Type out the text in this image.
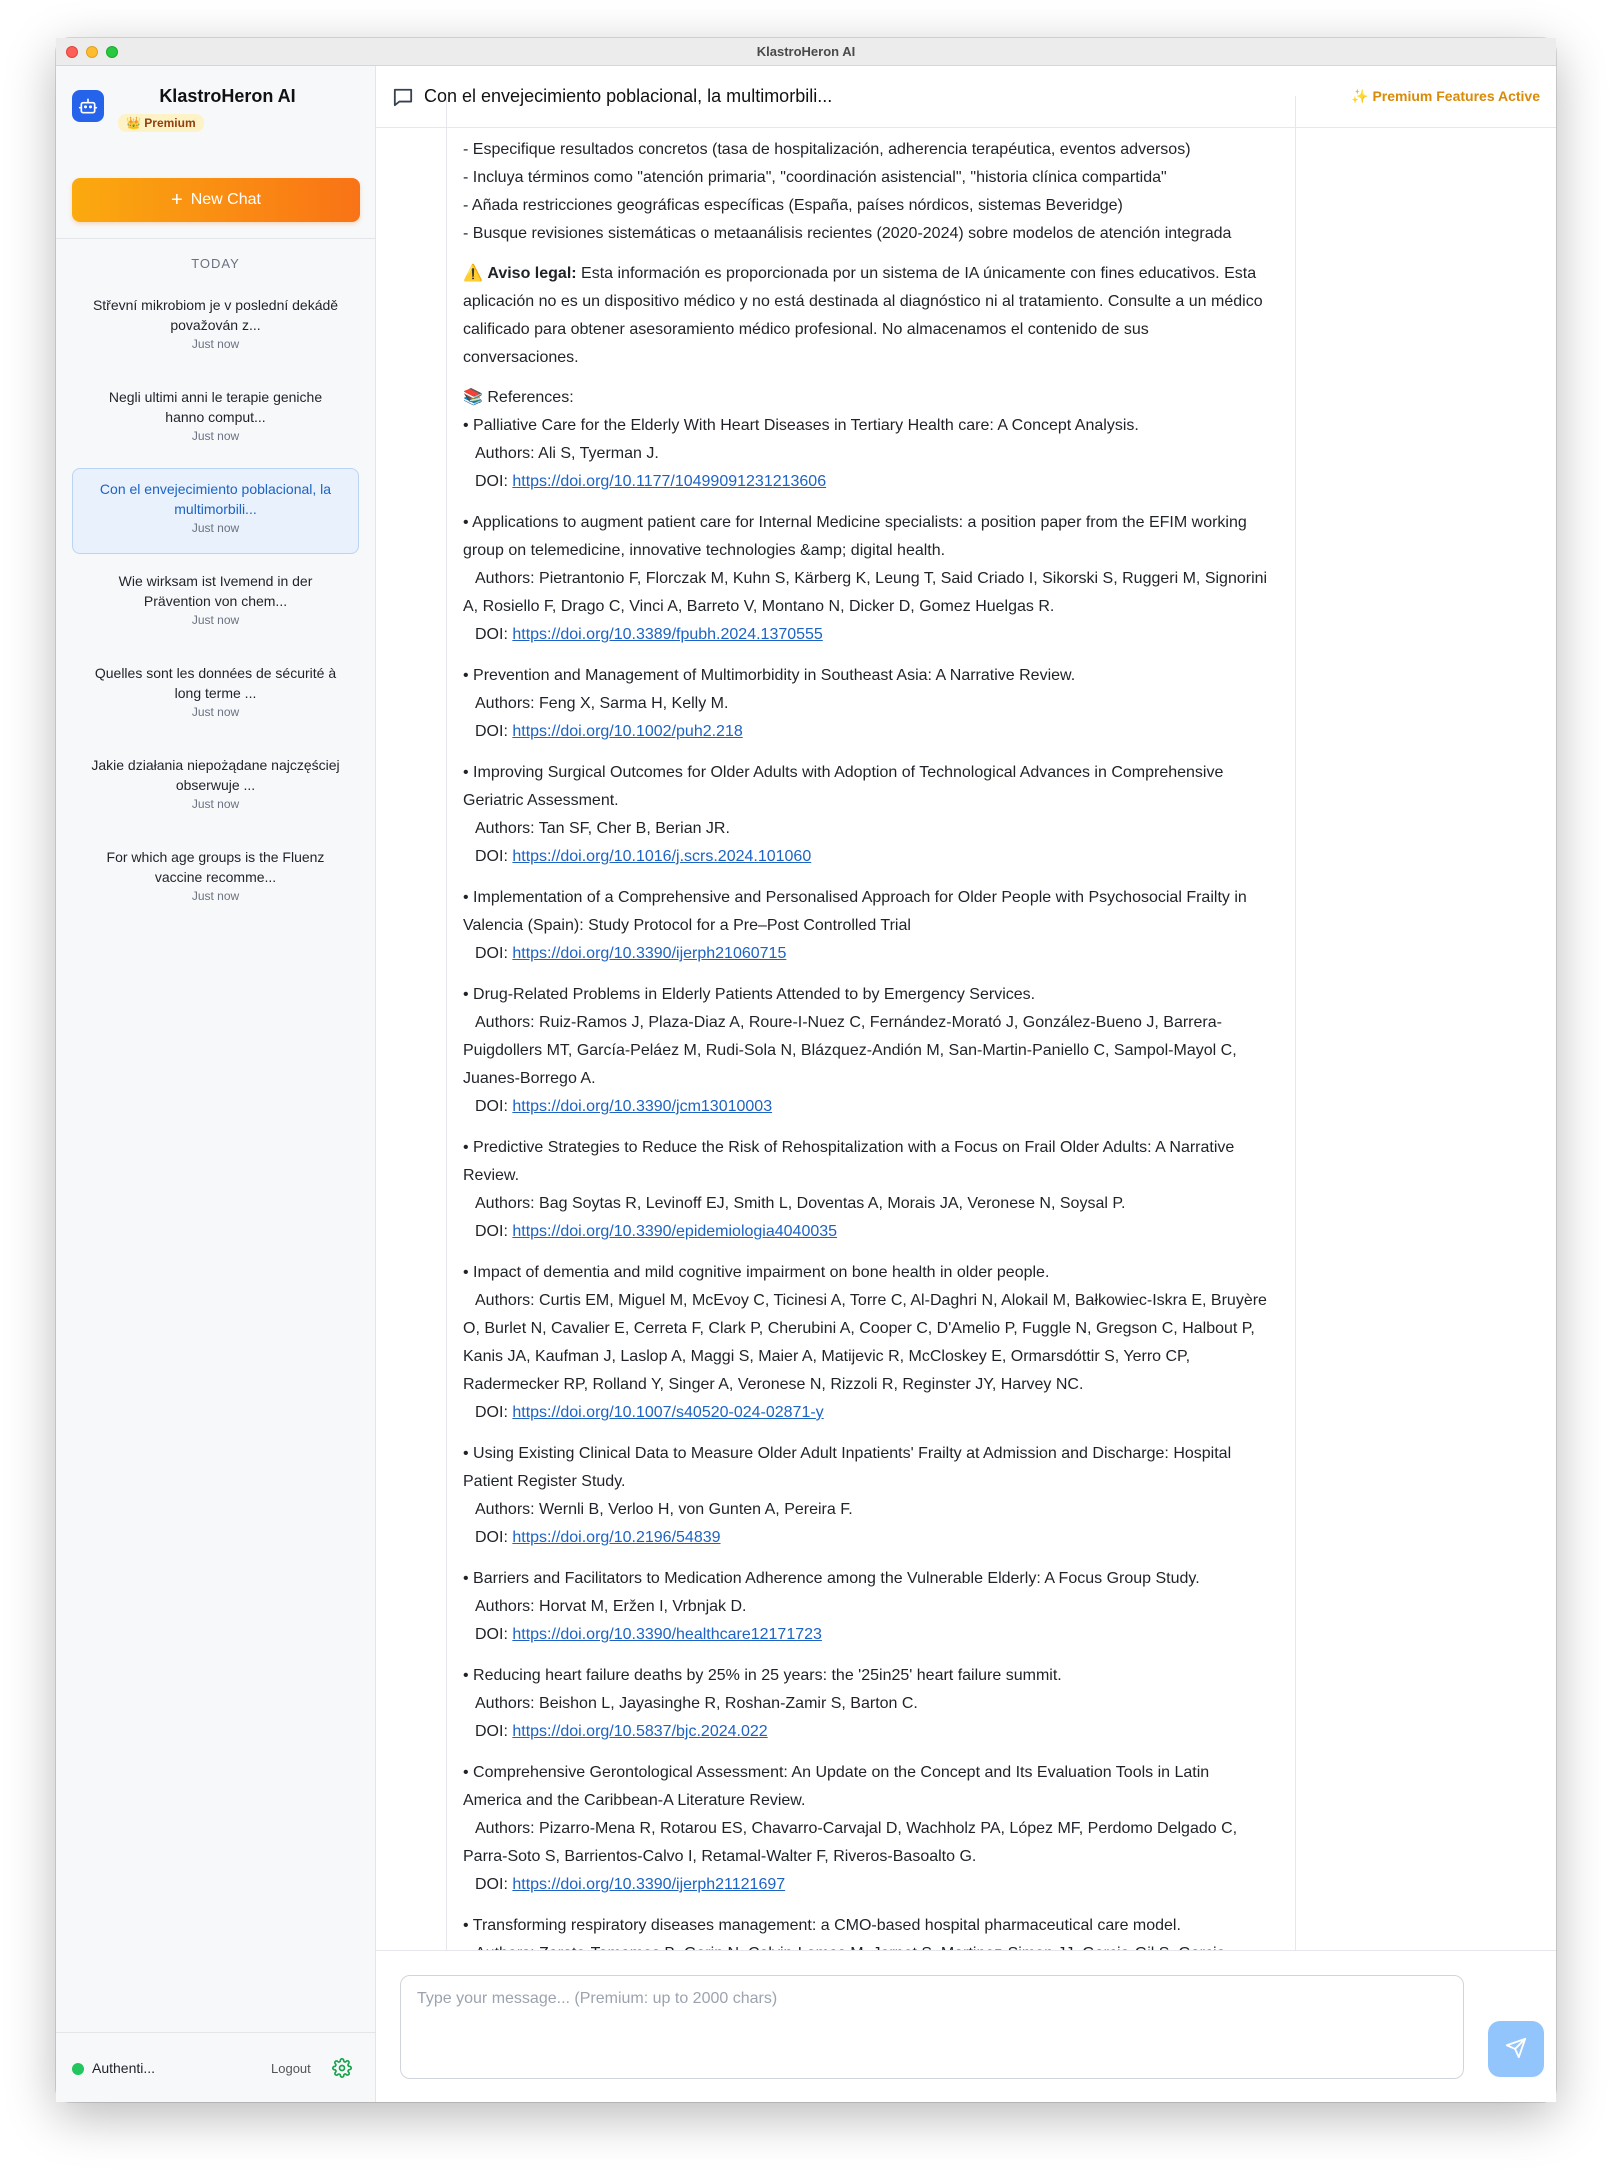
KlastroHeron AI
KlastroHeron AI
👑 Premium
+ New Chat
TODAY
Střevní mikrobiom je v poslední dekádě považován z...
Just now
Negli ultimi anni le terapie geniche hanno comput...
Just now
Con el envejecimiento poblacional, la multimorbili...
Just now
Wie wirksam ist Ivemend in der Prävention von chem...
Just now
Quelles sont les données de sécurité à long terme ...
Just now
Jakie działania niepożądane najczęściej obserwuje ...
Just now
For which age groups is the Fluenz vaccine recomme...
Just now
Authenti...	Logout
Con el envejecimiento poblacional, la multimorbili...	✨ Premium Features Active

- Especifique resultados concretos (tasa de hospitalización, adherencia terapéutica, eventos adversos)
- Incluya términos como "atención primaria", "coordinación asistencial", "historia clínica compartida"
- Añada restricciones geográficas específicas (España, países nórdicos, sistemas Beveridge)
- Busque revisiones sistemáticas o metaanálisis recientes (2020-2024) sobre modelos de atención integrada
⚠️ Aviso legal: Esta información es proporcionada por un sistema de IA únicamente con fines educativos. Esta
aplicación no es un dispositivo médico y no está destinada al diagnóstico ni al tratamiento. Consulte a un médico
calificado para obtener asesoramiento médico profesional. No almacenamos el contenido de sus
conversaciones.
📚 References:
• Palliative Care for the Elderly With Heart Diseases in Tertiary Health care: A Concept Analysis.
Authors: Ali S, Tyerman J.
DOI: https://doi.org/10.1177/10499091231213606
• Applications to augment patient care for Internal Medicine specialists: a position paper from the EFIM working
group on telemedicine, innovative technologies &amp; digital health.
Authors: Pietrantonio F, Florczak M, Kuhn S, Kärberg K, Leung T, Said Criado I, Sikorski S, Ruggeri M, Signorini
A, Rosiello F, Drago C, Vinci A, Barreto V, Montano N, Dicker D, Gomez Huelgas R.
DOI: https://doi.org/10.3389/fpubh.2024.1370555
• Prevention and Management of Multimorbidity in Southeast Asia: A Narrative Review.
Authors: Feng X, Sarma H, Kelly M.
DOI: https://doi.org/10.1002/puh2.218
• Improving Surgical Outcomes for Older Adults with Adoption of Technological Advances in Comprehensive
Geriatric Assessment.
Authors: Tan SF, Cher B, Berian JR.
DOI: https://doi.org/10.1016/j.scrs.2024.101060
• Implementation of a Comprehensive and Personalised Approach for Older People with Psychosocial Frailty in
Valencia (Spain): Study Protocol for a Pre–Post Controlled Trial
DOI: https://doi.org/10.3390/ijerph21060715
• Drug-Related Problems in Elderly Patients Attended to by Emergency Services.
Authors: Ruiz-Ramos J, Plaza-Diaz A, Roure-I-Nuez C, Fernández-Morató J, González-Bueno J, Barrera-
Puigdollers MT, García-Peláez M, Rudi-Sola N, Blázquez-Andión M, San-Martin-Paniello C, Sampol-Mayol C,
Juanes-Borrego A.
DOI: https://doi.org/10.3390/jcm13010003
• Predictive Strategies to Reduce the Risk of Rehospitalization with a Focus on Frail Older Adults: A Narrative
Review.
Authors: Bag Soytas R, Levinoff EJ, Smith L, Doventas A, Morais JA, Veronese N, Soysal P.
DOI: https://doi.org/10.3390/epidemiologia4040035
• Impact of dementia and mild cognitive impairment on bone health in older people.
Authors: Curtis EM, Miguel M, McEvoy C, Ticinesi A, Torre C, Al-Daghri N, Alokail M, Bałkowiec-Iskra E, Bruyère
O, Burlet N, Cavalier E, Cerreta F, Clark P, Cherubini A, Cooper C, D'Amelio P, Fuggle N, Gregson C, Halbout P,
Kanis JA, Kaufman J, Laslop A, Maggi S, Maier A, Matijevic R, McCloskey E, Ormarsdóttir S, Yerro CP,
Radermecker RP, Rolland Y, Singer A, Veronese N, Rizzoli R, Reginster JY, Harvey NC.
DOI: https://doi.org/10.1007/s40520-024-02871-y
• Using Existing Clinical Data to Measure Older Adult Inpatients' Frailty at Admission and Discharge: Hospital
Patient Register Study.
Authors: Wernli B, Verloo H, von Gunten A, Pereira F.
DOI: https://doi.org/10.2196/54839
• Barriers and Facilitators to Medication Adherence among the Vulnerable Elderly: A Focus Group Study.
Authors: Horvat M, Eržen I, Vrbnjak D.
DOI: https://doi.org/10.3390/healthcare12171723
• Reducing heart failure deaths by 25% in 25 years: the '25in25' heart failure summit.
Authors: Beishon L, Jayasinghe R, Roshan-Zamir S, Barton C.
DOI: https://doi.org/10.5837/bjc.2024.022
• Comprehensive Gerontological Assessment: An Update on the Concept and Its Evaluation Tools in Latin
America and the Caribbean-A Literature Review.
Authors: Pizarro-Mena R, Rotarou ES, Chavarro-Carvajal D, Wachholz PA, López MF, Perdomo Delgado C,
Parra-Soto S, Barrientos-Calvo I, Retamal-Walter F, Riveros-Basoalto G.
DOI: https://doi.org/10.3390/ijerph21121697
• Transforming respiratory diseases management: a CMO-based hospital pharmaceutical care model.
Type your message... (Premium: up to 2000 chars)
